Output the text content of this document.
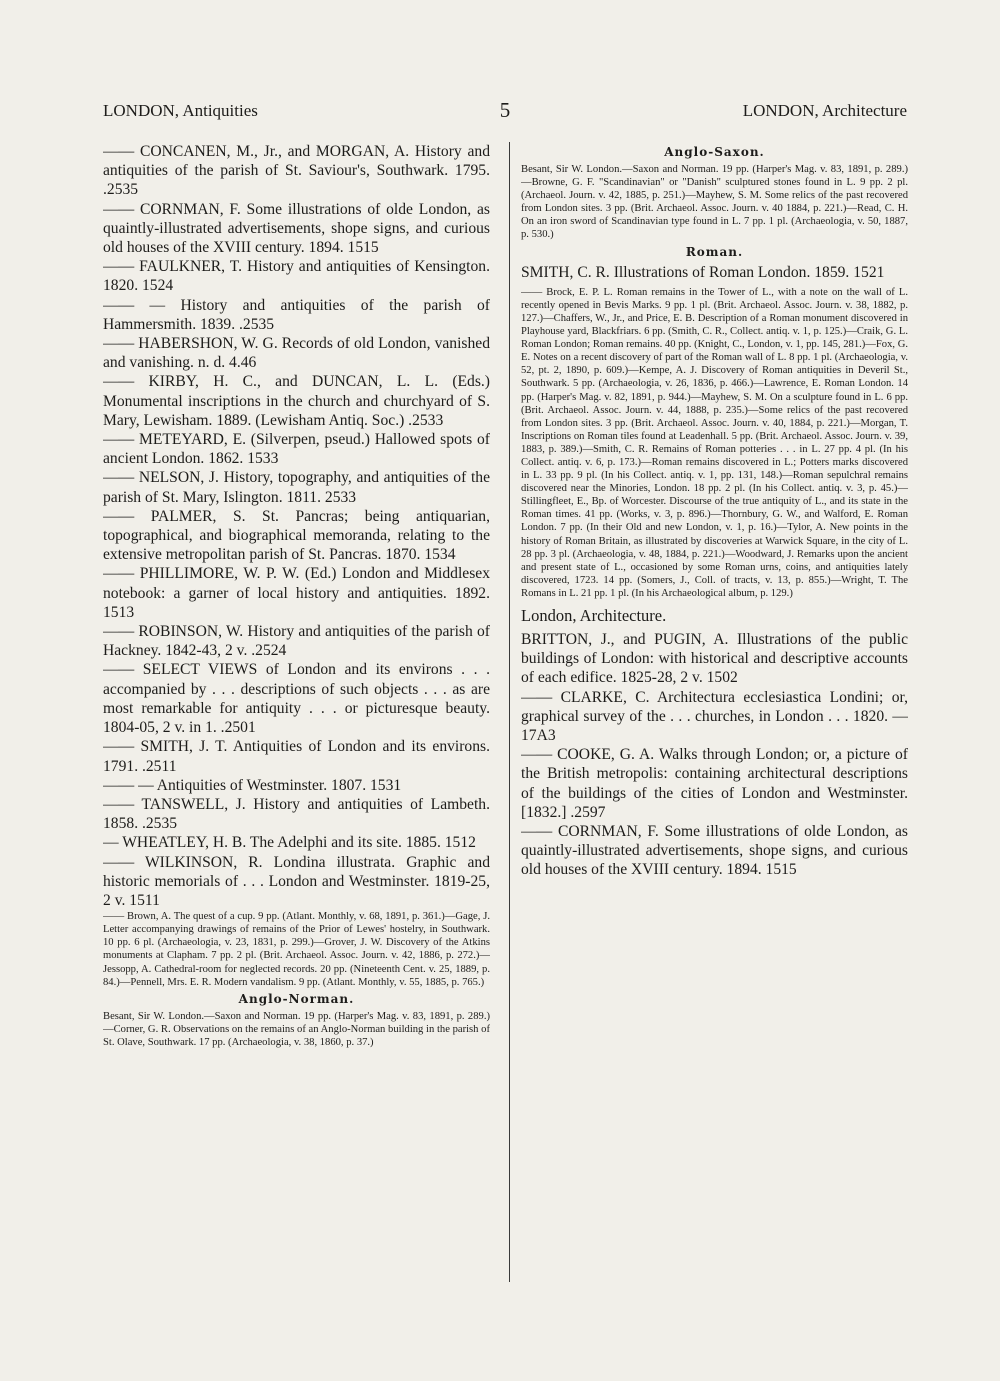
LONDON, Antiquities	5	LONDON, Architecture

—— CONCANEN, M., Jr., and MORGAN, A. History and antiquities of the parish of St. Saviour's, Southwark. 1795. .2535

—— CORNMAN, F. Some illustrations of olde London, as quaintly-illustrated advertisements, shope signs, and curious old houses of the XVIII century. 1894. 1515

—— FAULKNER, T. History and antiquities of Kensington. 1820. 1524

—— — History and antiquities of the parish of Hammersmith. 1839. .2535

—— HABERSHON, W. G. Records of old London, vanished and vanishing. n. d. 4.46

—— KIRBY, H. C., and DUNCAN, L. L. (Eds.) Monumental inscriptions in the church and churchyard of S. Mary, Lewisham. 1889. (Lewisham Antiq. Soc.) .2533

—— METEYARD, E. (Silverpen, pseud.) Hallowed spots of ancient London. 1862. 1533

—— NELSON, J. History, topography, and antiquities of the parish of St. Mary, Islington. 1811. 2533

—— PALMER, S. St. Pancras; being antiquarian, topographical, and biographical memoranda, relating to the extensive metropolitan parish of St. Pancras. 1870. 1534

—— PHILLIMORE, W. P. W. (Ed.) London and Middlesex notebook: a garner of local history and antiquities. 1892. 1513

—— ROBINSON, W. History and antiquities of the parish of Hackney. 1842-43, 2 v. .2524

—— SELECT VIEWS of London and its environs . . . accompanied by . . . descriptions of such objects . . . as are most remarkable for antiquity . . . or picturesque beauty. 1804-05, 2 v. in 1. .2501

—— SMITH, J. T. Antiquities of London and its environs. 1791. .2511

—— — Antiquities of Westminster. 1807. 1531

—— TANSWELL, J. History and antiquities of Lambeth. 1858. .2535

— WHEATLEY, H. B. The Adelphi and its site. 1885. 1512

—— WILKINSON, R. Londina illustrata. Graphic and historic memorials of . . . London and Westminster. 1819-25, 2 v. 1511

—— Brown, A. The quest of a cup. 9 pp. (Atlant. Monthly, v. 68, 1891, p. 361.)—Gage, J. Letter accompanying drawings of remains of the Prior of Lewes' hostelry, in Southwark. 10 pp. 6 pl. (Archaeologia, v. 23, 1831, p. 299.)—Grover, J. W. Discovery of the Atkins monuments at Clapham. 7 pp. 2 pl. (Brit. Archaeol. Assoc. Journ. v. 42, 1886, p. 272.)—Jessopp, A. Cathedral-room for neglected records. 20 pp. (Nineteenth Cent. v. 25, 1889, p. 84.)—Pennell, Mrs. E. R. Modern vandalism. 9 pp. (Atlant. Monthly, v. 55, 1885, p. 765.)

Anglo-Norman.

Besant, Sir W. London.—Saxon and Norman. 19 pp. (Harper's Mag. v. 83, 1891, p. 289.)—Corner, G. R. Observations on the remains of an Anglo-Norman building in the parish of St. Olave, Southwark. 17 pp. (Archaeologia, v. 38, 1860, p. 37.)

Anglo-Saxon.

Besant, Sir W. London.—Saxon and Norman. 19 pp. (Harper's Mag. v. 83, 1891, p. 289.)—Browne, G. F. "Scandinavian" or "Danish" sculptured stones found in L. 9 pp. 2 pl. (Archaeol. Journ. v. 42, 1885, p. 251.)—Mayhew, S. M. Some relics of the past recovered from London sites. 3 pp. (Brit. Archaeol. Assoc. Journ. v. 40 1884, p. 221.)—Read, C. H. On an iron sword of Scandinavian type found in L. 7 pp. 1 pl. (Archaeologia, v. 50, 1887, p. 530.)

Roman.

SMITH, C. R. Illustrations of Roman London. 1859. 1521

—— Brock, E. P. L. Roman remains in the Tower of L., with a note on the wall of L. recently opened in Bevis Marks. 9 pp. 1 pl. (Brit. Archaeol. Assoc. Journ. v. 38, 1882, p. 127.)—Chaffers, W., Jr., and Price, E. B. Description of a Roman monument discovered in Playhouse yard, Blackfriars. 6 pp. (Smith, C. R., Collect. antiq. v. 1, p. 125.)—Craik, G. L. Roman London; Roman remains. 40 pp. (Knight, C., London, v. 1, pp. 145, 281.)—Fox, G. E. Notes on a recent discovery of part of the Roman wall of L. 8 pp. 1 pl. (Archaeologia, v. 52, pt. 2, 1890, p. 609.)—Kempe, A. J. Discovery of Roman antiquities in Deveril St., Southwark. 5 pp. (Archaeologia, v. 26, 1836, p. 466.)—Lawrence, E. Roman London. 14 pp. (Harper's Mag. v. 82, 1891, p. 944.)—Mayhew, S. M. On a sculpture found in L. 6 pp. (Brit. Archaeol. Assoc. Journ. v. 44, 1888, p. 235.)—Some relics of the past recovered from London sites. 3 pp. (Brit. Archaeol. Assoc. Journ. v. 40, 1884, p. 221.)—Morgan, T. Inscriptions on Roman tiles found at Leadenhall. 5 pp. (Brit. Archaeol. Assoc. Journ. v. 39, 1883, p. 389.)—Smith, C. R. Remains of Roman potteries . . . in L. 27 pp. 4 pl. (In his Collect. antiq. v. 6, p. 173.)—Roman remains discovered in L.; Potters marks discovered in L. 33 pp. 9 pl. (In his Collect. antiq. v. 1, pp. 131, 148.)—Roman sepulchral remains discovered near the Minories, London. 18 pp. 2 pl. (In his Collect. antiq. v. 3, p. 45.)—Stillingfleet, E., Bp. of Worcester. Discourse of the true antiquity of L., and its state in the Roman times. 41 pp. (Works, v. 3, p. 896.)—Thornbury, G. W., and Walford, E. Roman London. 7 pp. (In their Old and new London, v. 1, p. 16.)—Tylor, A. New points in the history of Roman Britain, as illustrated by discoveries at Warwick Square, in the city of L. 28 pp. 3 pl. (Archaeologia, v. 48, 1884, p. 221.)—Woodward, J. Remarks upon the ancient and present state of L., occasioned by some Roman urns, coins, and antiquities lately discovered, 1723. 14 pp. (Somers, J., Coll. of tracts, v. 13, p. 855.)—Wright, T. The Romans in L. 21 pp. 1 pl. (In his Archaeological album, p. 129.)

London, Architecture.

BRITTON, J., and PUGIN, A. Illustrations of the public buildings of London: with historical and descriptive accounts of each edifice. 1825-28, 2 v. 1502

—— CLARKE, C. Architectura ecclesiastica Londini; or, graphical survey of the . . . churches, in London . . . 1820. —17A3

—— COOKE, G. A. Walks through London; or, a picture of the British metropolis: containing architectural descriptions of the buildings of the cities of London and Westminster. [1832.] .2597

—— CORNMAN, F. Some illustrations of olde London, as quaintly-illustrated advertisements, shope signs, and curious old houses of the XVIII century. 1894. 1515
